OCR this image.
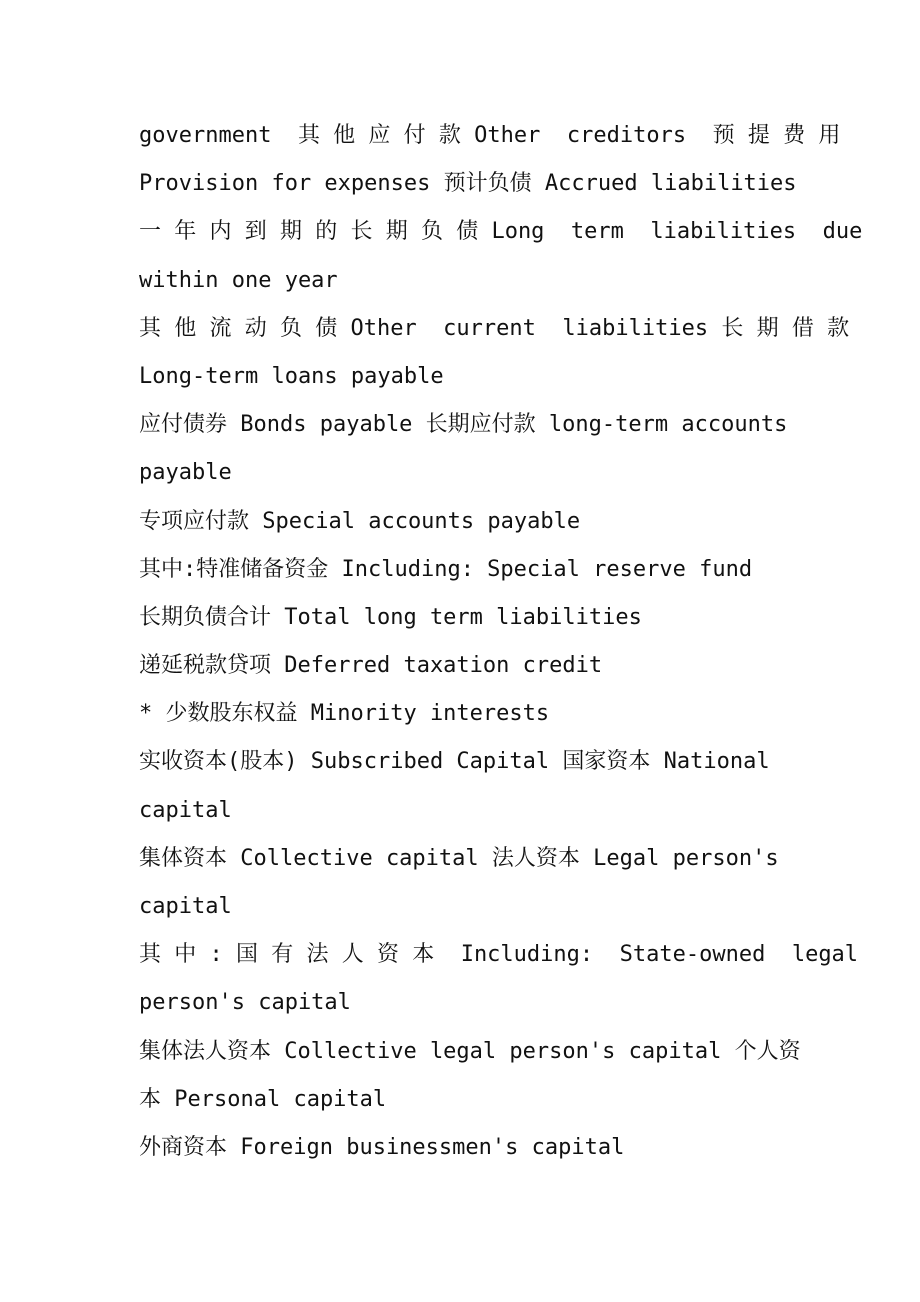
government  其 他 应 付 款 Other  creditors  预 提 费 用
Provision for expenses 预计负债 Accrued liabilities
一 年 内 到 期 的 长 期 负 债 Long  term  liabilities  due
within one year
其 他 流 动 负 债 Other  current  liabilities 长 期 借 款
Long-term loans payable
应付债券 Bonds payable 长期应付款 long-term accounts
payable
专项应付款 Special accounts payable
其中:特准储备资金 Including: Special reserve fund
长期负债合计 Total long term liabilities
递延税款贷项 Deferred taxation credit
* 少数股东权益 Minority interests
实收资本(股本) Subscribed Capital 国家资本 National
capital
集体资本 Collective capital 法人资本 Legal person's
capital
其 中 : 国 有 法 人 资 本  Including:  State-owned  legal
person's capital
集体法人资本 Collective legal person's capital 个人资
本 Personal capital
外商资本 Foreign businessmen's capital
